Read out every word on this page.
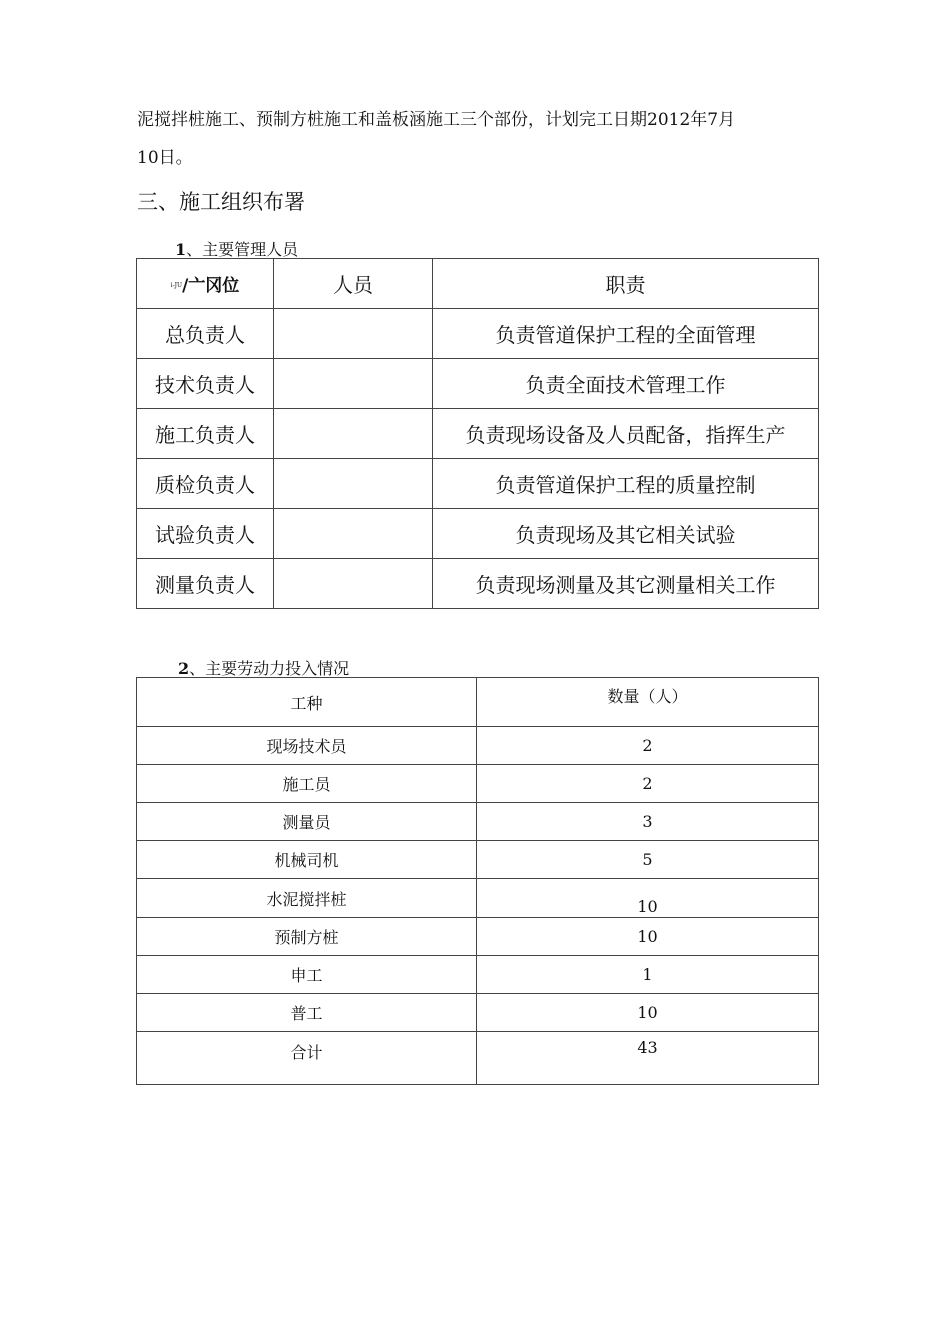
泥搅拌桩施工、预制方桩施工和盖板涵施工三个部份，计划完工日期2012年7月
10日。
三、施工组织布署
1、主要管理人员
i-JU/亠冈位	人员	职责
总负责人		负责管道保护工程的全面管理
技术负责人		负责全面技术管理工作
施工负责人		负责现场设备及人员配备，指挥生产
质检负责人		负责管道保护工程的质量控制
试验负责人		负责现场及其它相关试验
测量负责人		负责现场测量及其它测量相关工作
2、主要劳动力投入情况
工种	数量（人）
现场技术员	2
施工员	2
测量员	3
机械司机	5
水泥搅拌桩	10
预制方桩	10
申工	1
普工	10
合计	43
